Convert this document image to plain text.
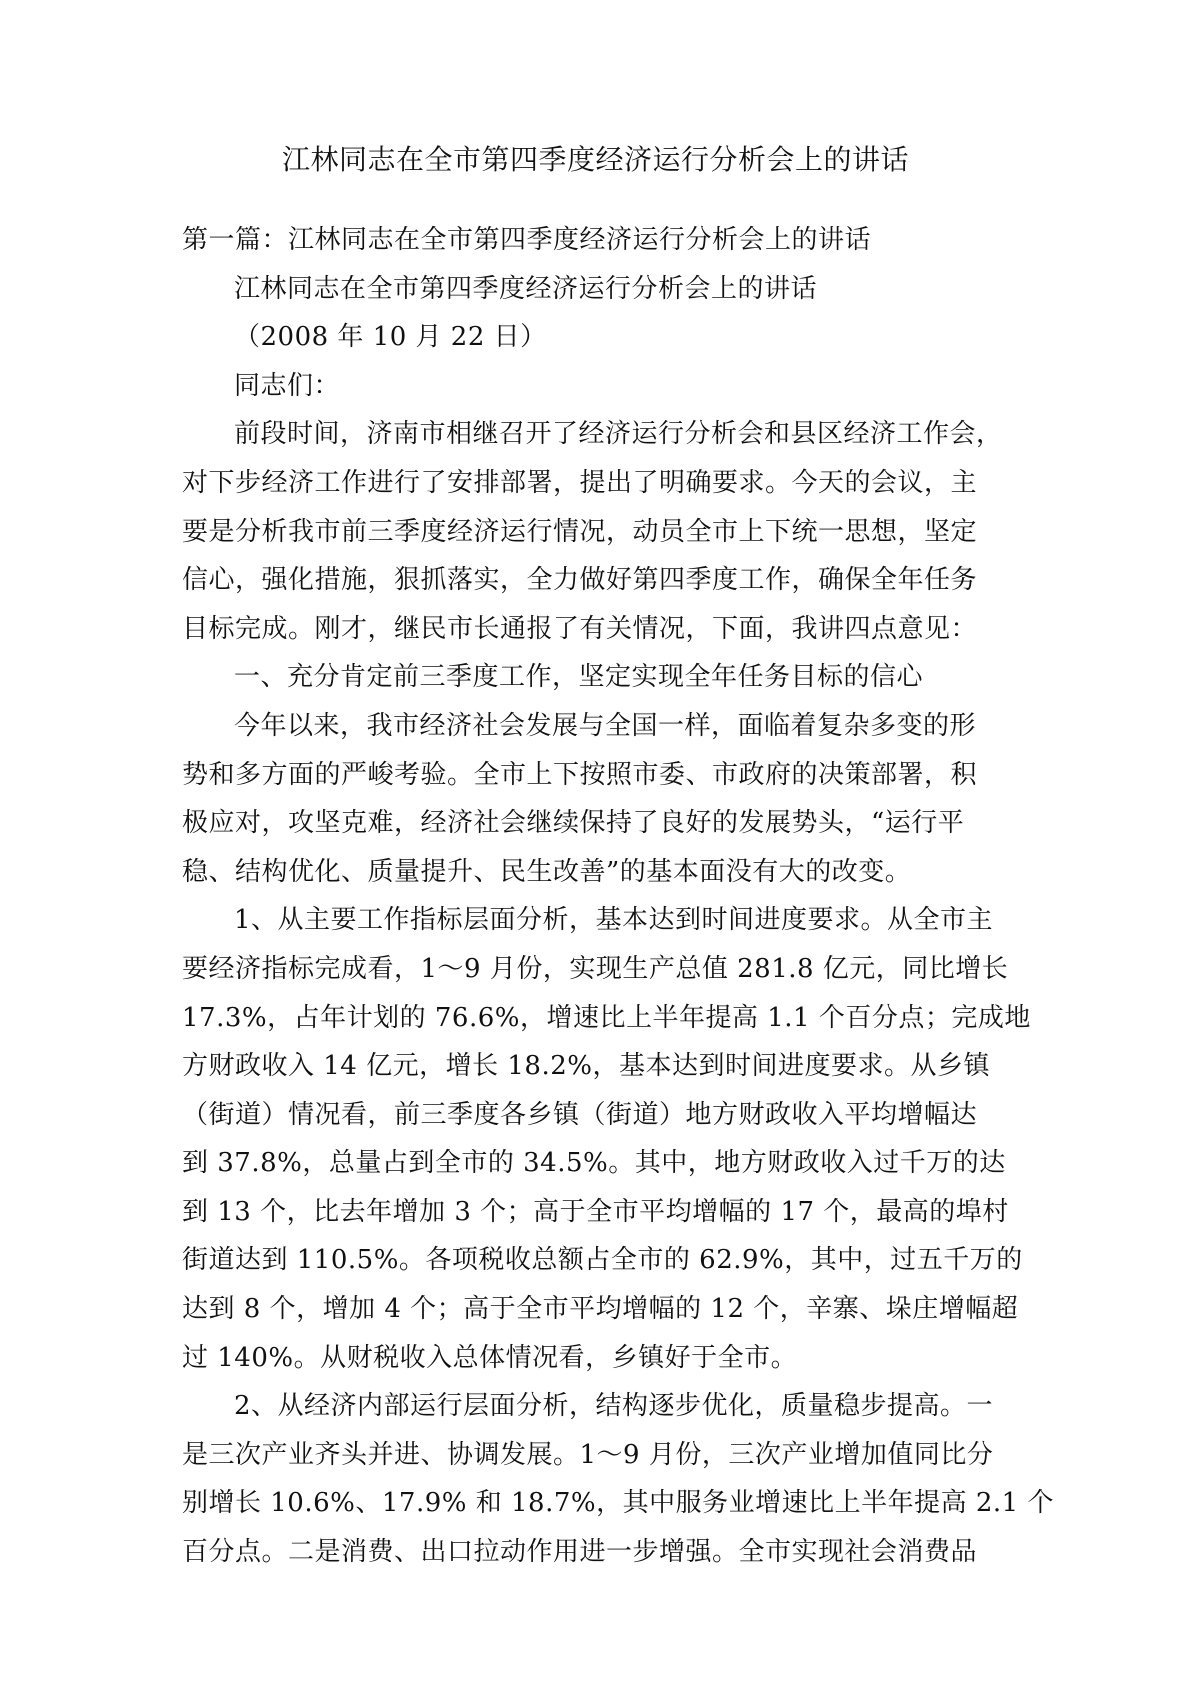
江林同志在全市第四季度经济运行分析会上的讲话
第一篇：江林同志在全市第四季度经济运行分析会上的讲话
江林同志在全市第四季度经济运行分析会上的讲话
（2008 年 10 月 22 日）
同志们：
前段时间，济南市相继召开了经济运行分析会和县区经济工作会，
对下步经济工作进行了安排部署，提出了明确要求。今天的会议，主
要是分析我市前三季度经济运行情况，动员全市上下统一思想，坚定
信心，强化措施，狠抓落实，全力做好第四季度工作，确保全年任务
目标完成。刚才，继民市长通报了有关情况，下面，我讲四点意见：
一、充分肯定前三季度工作，坚定实现全年任务目标的信心
今年以来，我市经济社会发展与全国一样，面临着复杂多变的形
势和多方面的严峻考验。全市上下按照市委、市政府的决策部署，积
极应对，攻坚克难，经济社会继续保持了良好的发展势头，“运行平
稳、结构优化、质量提升、民生改善”的基本面没有大的改变。
1、从主要工作指标层面分析，基本达到时间进度要求。从全市主
要经济指标完成看，1～9 月份，实现生产总值 281.8 亿元，同比增长
17.3%，占年计划的 76.6%，增速比上半年提高 1.1 个百分点；完成地
方财政收入 14 亿元，增长 18.2%，基本达到时间进度要求。从乡镇
（街道）情况看，前三季度各乡镇（街道）地方财政收入平均增幅达
到 37.8%，总量占到全市的 34.5%。其中，地方财政收入过千万的达
到 13 个，比去年增加 3 个；高于全市平均增幅的 17 个，最高的埠村
街道达到 110.5%。各项税收总额占全市的 62.9%，其中，过五千万的
达到 8 个，增加 4 个；高于全市平均增幅的 12 个，辛寨、垛庄增幅超
过 140%。从财税收入总体情况看，乡镇好于全市。
2、从经济内部运行层面分析，结构逐步优化，质量稳步提高。一
是三次产业齐头并进、协调发展。1～9 月份，三次产业增加值同比分
别增长 10.6%、17.9% 和 18.7%，其中服务业增速比上半年提高 2.1 个
百分点。二是消费、出口拉动作用进一步增强。全市实现社会消费品
